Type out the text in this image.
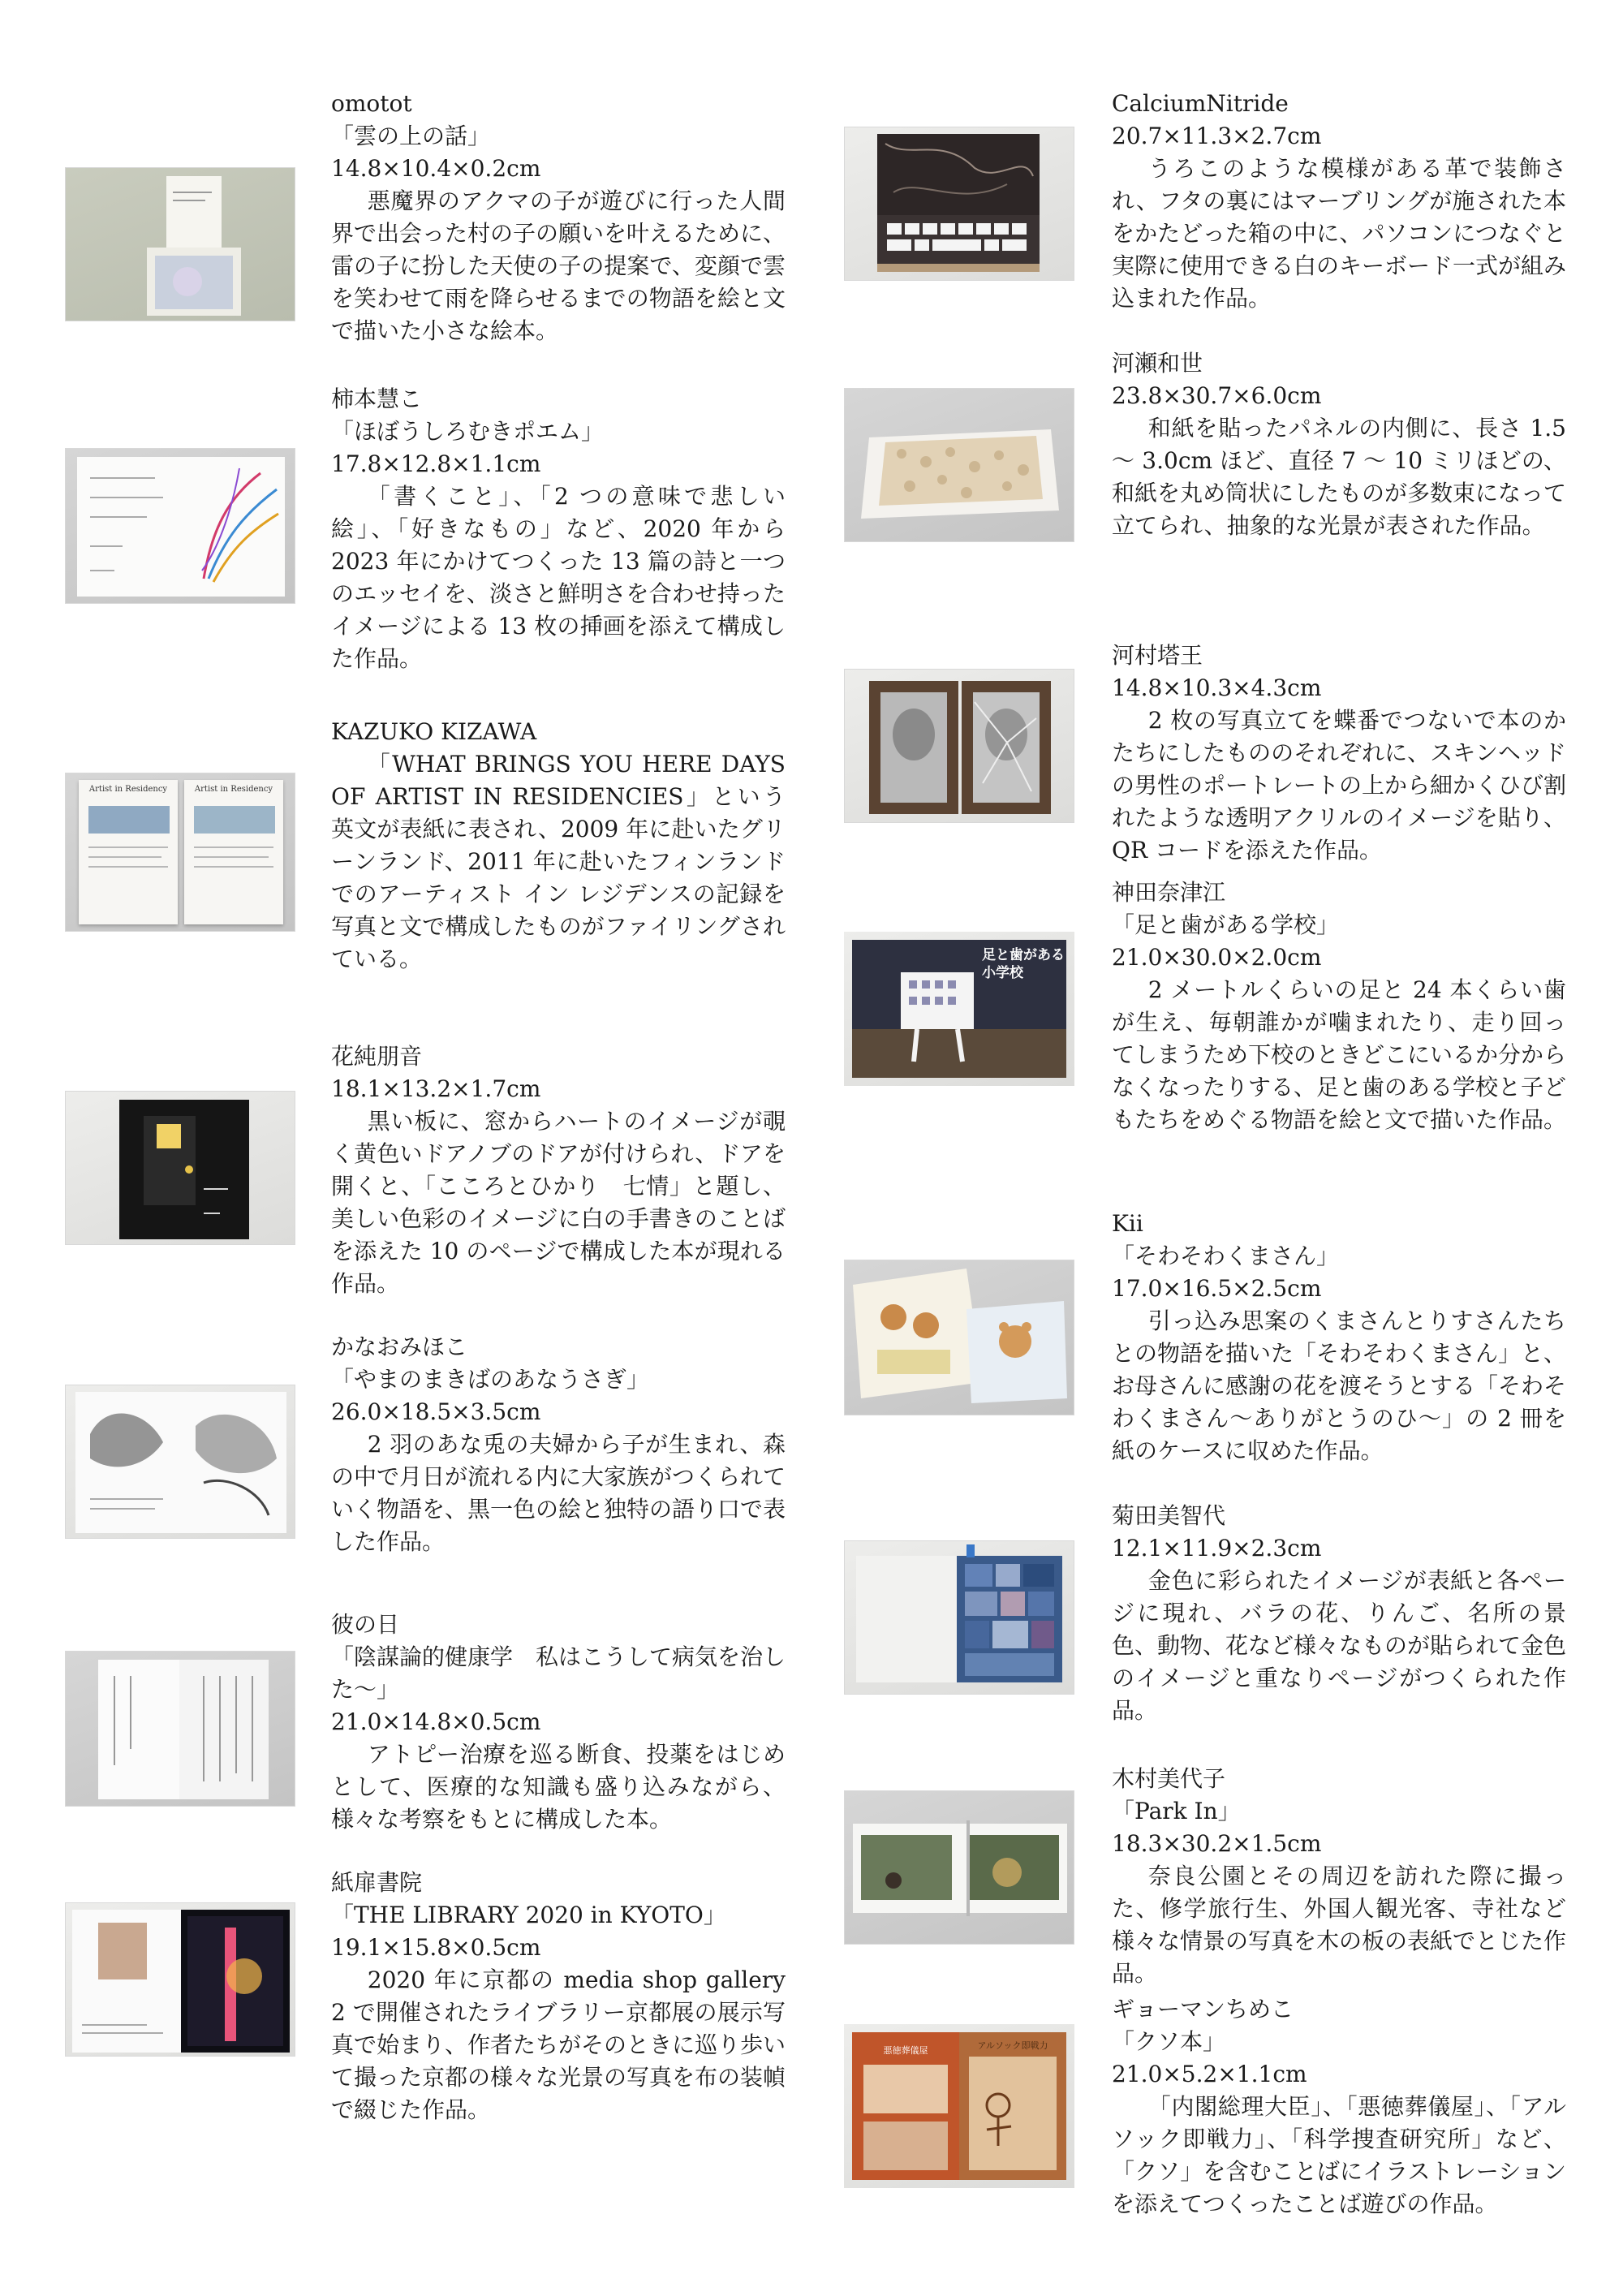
omotot
「雲の上の話」
14.8×10.4×0.2cm
悪魔界のアクマの子が遊びに行った人間界で出会った村の子の願いを叶えるために、雷の子に扮した天使の子の提案で、変顔で雲を笑わせて雨を降らせるまでの物語を絵と文で描いた小さな絵本。
柿本慧こ
「ほぼうしろむきポエム」
17.8×12.8×1.1cm
「書くこと」、「2 つの意味で悲しい絵」、「好きなもの」など、2020 年から 2023 年にかけてつくった 13 篇の詩と一つのエッセイを、淡さと鮮明さを合わせ持ったイメージによる 13 枚の挿画を添えて構成した作品。
Artist in Residency	Artist in Residency
KAZUKO KIZAWA
「WHAT BRINGS YOU HERE DAYS OF ARTIST IN RESIDENCIES」という英文が表紙に表され、2009 年に赴いたグリーンランド、2011 年に赴いたフィンランドでのアーティスト イン レジデンスの記録を写真と文で構成したものがファイリングされている。
花純朋音
18.1×13.2×1.7cm
黒い板に、窓からハートのイメージが覗く黄色いドアノブのドアが付けられ、ドアを開くと、「こころとひかり　七情」と題し、美しい色彩のイメージに白の手書きのことばを添えた 10 のページで構成した本が現れる作品。
かなおみほこ
「やまのまきばのあなうさぎ」
26.0×18.5×3.5cm
2 羽のあな兎の夫婦から子が生まれ、森の中で月日が流れる内に大家族がつくられていく物語を、黒一色の絵と独特の語り口で表した作品。
彼の日
「陰謀論的健康学　私はこうして病気を治した〜」
21.0×14.8×0.5cm
アトピー治療を巡る断食、投薬をはじめとして、医療的な知識も盛り込みながら、様々な考察をもとに構成した本。
紙扉書院
「THE LIBRARY 2020 in KYOTO」
19.1×15.8×0.5cm
2020 年に京都の media shop gallery 2 で開催されたライブラリー京都展の展示写真で始まり、作者たちがそのときに巡り歩いて撮った京都の様々な光景の写真を布の装幀で綴じた作品。
CalciumNitride
20.7×11.3×2.7cm
うろこのような模様がある革で装飾され、フタの裏にはマーブリングが施された本をかたどった箱の中に、パソコンにつなぐと実際に使用できる白のキーボード一式が組み込まれた作品。
河瀬和世
23.8×30.7×6.0cm
和紙を貼ったパネルの内側に、長さ 1.5 〜 3.0cm ほど、直径 7 〜 10 ミリほどの、和紙を丸め筒状にしたものが多数束になって立てられ、抽象的な光景が表された作品。
河村塔王
14.8×10.3×4.3cm
2 枚の写真立てを蝶番でつないで本のかたちにしたもののそれぞれに、スキンヘッドの男性のポートレートの上から細かくひび割れたような透明アクリルのイメージを貼り、QR コードを添えた作品。
足と歯がある小学校
神田奈津江
「足と歯がある学校」
21.0×30.0×2.0cm
2 メートルくらいの足と 24 本くらい歯が生え、毎朝誰かが噛まれたり、走り回ってしまうため下校のときどこにいるか分からなくなったりする、足と歯のある学校と子どもたちをめぐる物語を絵と文で描いた作品。
Kii
「そわそわくまさん」
17.0×16.5×2.5cm
引っ込み思案のくまさんとりすさんたちとの物語を描いた「そわそわくまさん」と、お母さんに感謝の花を渡そうとする「そわそわくまさん〜ありがとうのひ〜」の 2 冊を紙のケースに収めた作品。
菊田美智代
12.1×11.9×2.3cm
金色に彩られたイメージが表紙と各ページに現れ、バラの花、りんご、名所の景色、動物、花など様々なものが貼られて金色のイメージと重なりページがつくられた作品。
木村美代子
「Park In」
18.3×30.2×1.5cm
奈良公園とその周辺を訪れた際に撮った、修学旅行生、外国人観光客、寺社など様々な情景の写真を木の板の表紙でとじた作品。
悪徳葬儀屋	アルソック即戦力
ギョーマンちめこ
「クソ本」
21.0×5.2×1.1cm
「内閣総理大臣」、「悪徳葬儀屋」、「アルソック即戦力」、「科学捜査研究所」など、「クソ」を含むことばにイラストレーションを添えてつくったことば遊びの作品。
